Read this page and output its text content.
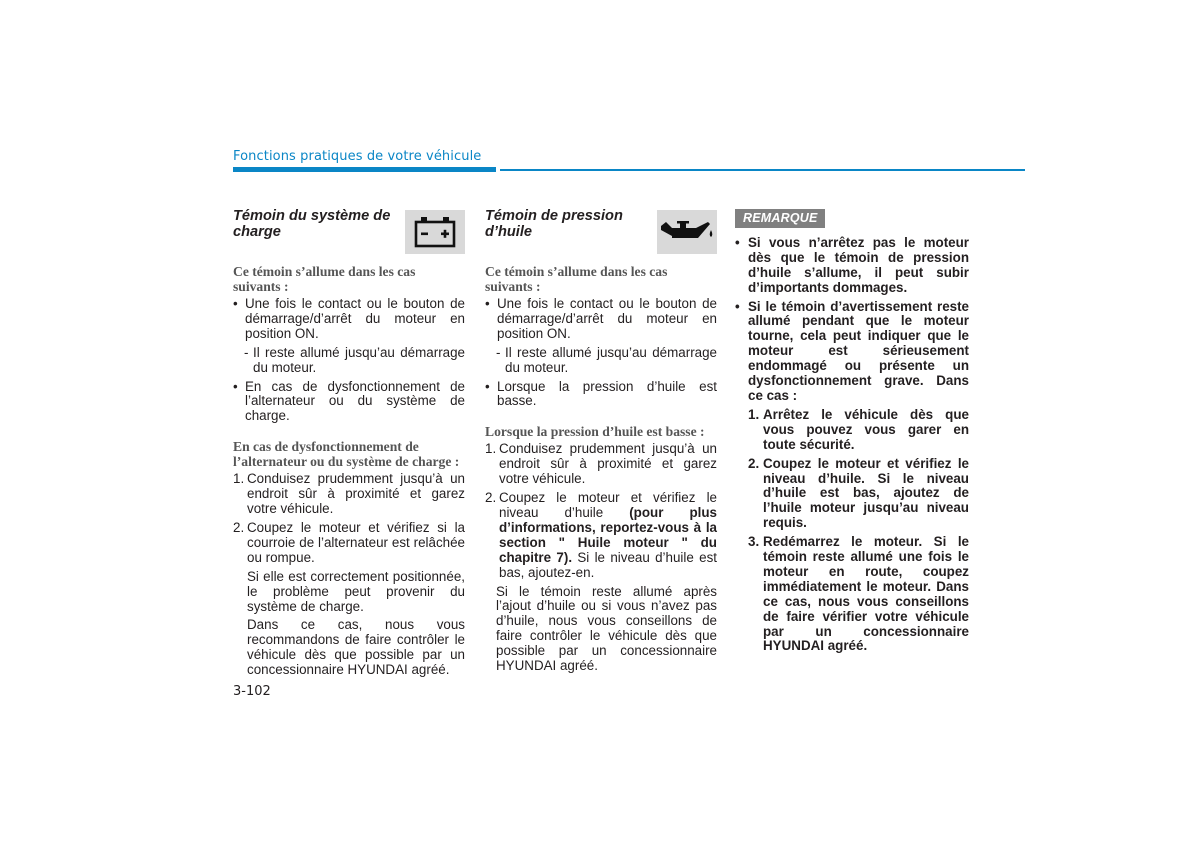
Fonctions pratiques de votre véhicule
Témoin du système de charge
Ce témoin s’allume dans les cas suivants :
• Une fois le contact ou le bouton de démarrage/d’arrêt du moteur en position ON.
- Il reste allumé jusqu’au démarrage du moteur.
• En cas de dysfonctionnement de l’alternateur ou du système de charge.
En cas de dysfonctionnement de l’alternateur ou du système de charge :
1. Conduisez prudemment jusqu’à un endroit sûr à proximité et garez votre véhicule.
2. Coupez le moteur et vérifiez si la courroie de l’alternateur est relâchée ou rompue.
Si elle est correctement positionnée, le problème peut provenir du système de charge.
Dans ce cas, nous vous recommandons de faire contrôler le véhicule dès que possible par un concessionnaire HYUNDAI agréé.
Témoin de pression d’huile
Ce témoin s’allume dans les cas suivants :
• Une fois le contact ou le bouton de démarrage/d’arrêt du moteur en position ON.
- Il reste allumé jusqu’au démarrage du moteur.
• Lorsque la pression d’huile est basse.
Lorsque la pression d’huile est basse :
1. Conduisez prudemment jusqu’à un endroit sûr à proximité et garez votre véhicule.
2. Coupez le moteur et vérifiez le niveau d’huile (pour plus d’informations, reportez-vous à la section " Huile moteur " du chapitre 7). Si le niveau d’huile est bas, ajoutez-en.
Si le témoin reste allumé après l’ajout d’huile ou si vous n’avez pas d’huile, nous vous conseillons de faire contrôler le véhicule dès que possible par un concessionnaire HYUNDAI agréé.
REMARQUE
• Si vous n’arrêtez pas le moteur dès que le témoin de pression d’huile s’allume, il peut subir d’importants dommages.
• Si le témoin d’avertissement reste allumé pendant que le moteur tourne, cela peut indiquer que le moteur est sérieusement endommagé ou présente un dysfonctionnement grave. Dans ce cas :
1. Arrêtez le véhicule dès que vous pouvez vous garer en toute sécurité.
2. Coupez le moteur et vérifiez le niveau d’huile. Si le niveau d’huile est bas, ajoutez de l’huile moteur jusqu’au niveau requis.
3. Redémarrez le moteur. Si le témoin reste allumé une fois le moteur en route, coupez immédiatement le moteur. Dans ce cas, nous vous conseillons de faire vérifier votre véhicule par un concessionnaire HYUNDAI agréé.
3-102
